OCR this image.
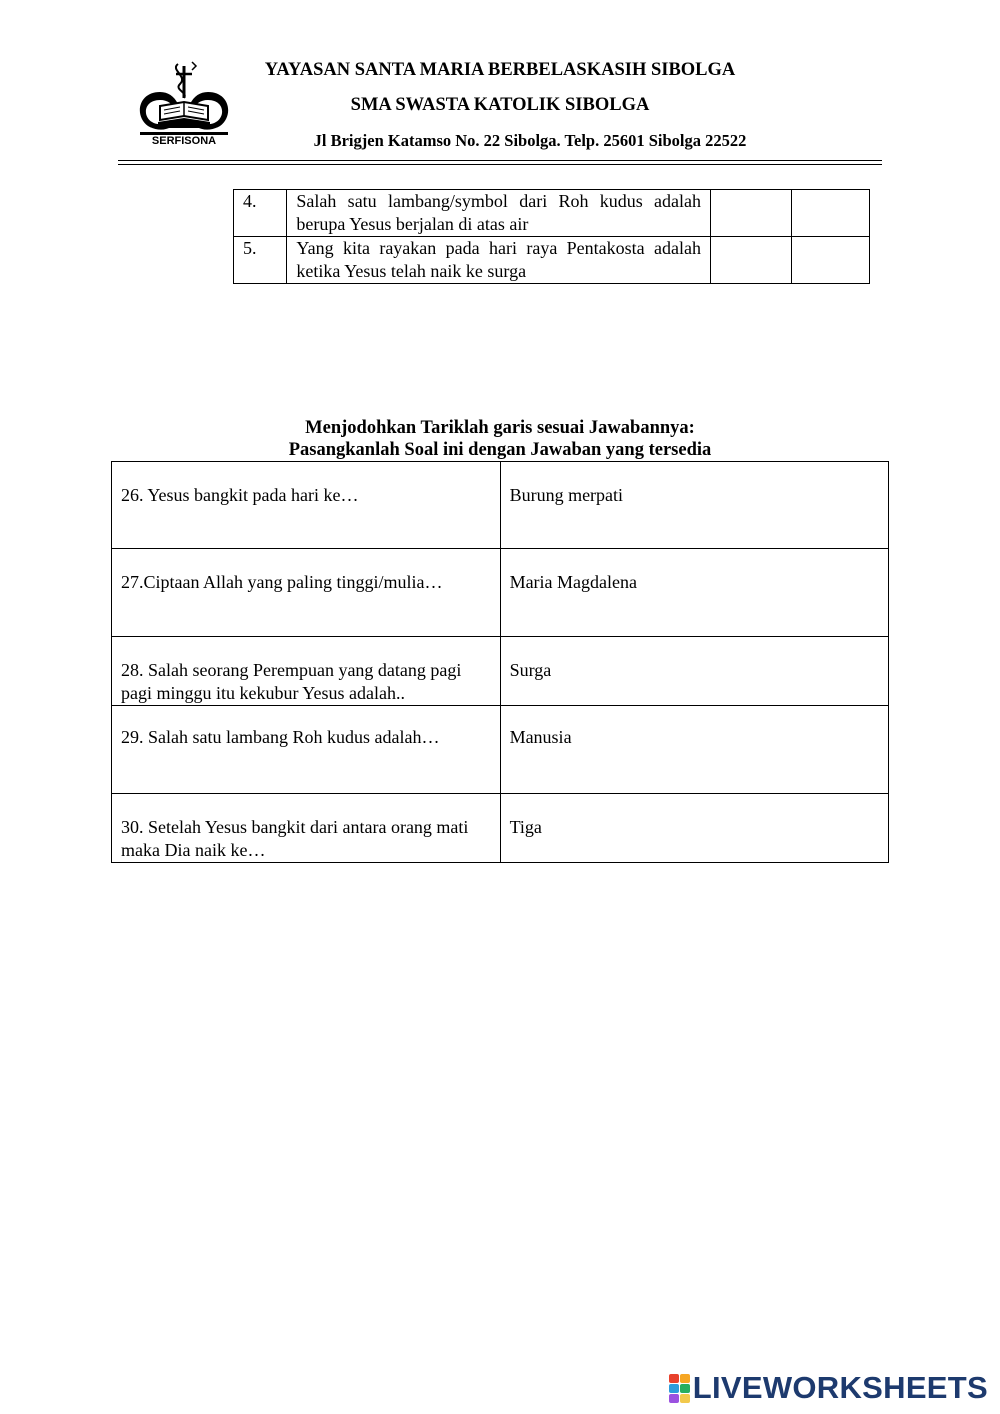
SERFISONA
YAYASAN SANTA MARIA BERBELASKASIH SIBOLGA
SMA SWASTA KATOLIK SIBOLGA
Jl Brigjen Katamso No. 22 Sibolga. Telp. 25601 Sibolga 22522
4.	Salah satu lambang/symbol dari Roh kudus adalah berupa Yesus berjalan di atas air		
5.	Yang kita rayakan pada hari raya Pentakosta adalah ketika Yesus telah naik ke surga		
Menjodohkan Tariklah garis sesuai Jawabannya:
Pasangkanlah Soal ini dengan Jawaban yang tersedia
26. Yesus bangkit pada hari ke…	Burung merpati
27.Ciptaan Allah yang paling tinggi/mulia…	Maria Magdalena
28. Salah seorang Perempuan yang datang pagi pagi minggu itu kekubur Yesus adalah..	Surga
29. Salah satu lambang Roh kudus adalah…	Manusia
30. Setelah Yesus bangkit dari antara orang mati maka Dia naik ke…	Tiga
LIVEWORKSHEETS
